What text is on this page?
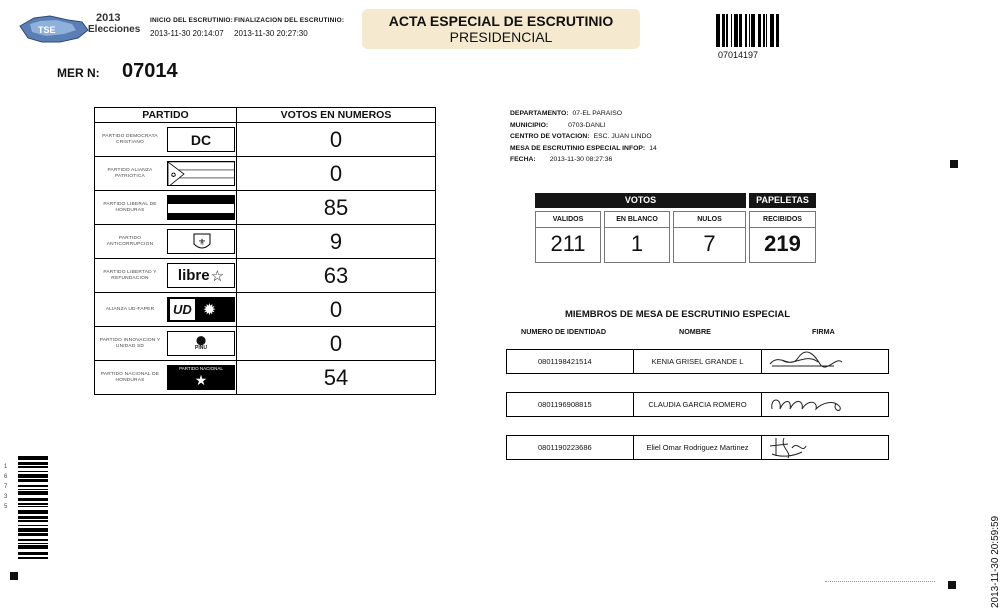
TSE
2013
Elecciones
INICIO DEL ESCRUTINIO:
2013-11-30 20:14:07
FINALIZACION DEL ESCRUTINIO:
2013-11-30 20:27:30
ACTA ESPECIAL DE ESCRUTINIO
PRESIDENCIAL
07014197
MER N: 07014
PARTIDO	VOTOS EN NUMEROS

PARTIDO DEMOCRATA CRISTIANO DC	0

PARTIDO ALIANZA PATRIOTICA ✪	0

PARTIDO LIBERAL DE HONDURAS	85

PARTIDO ANTICORRUPCION ⚜	9

PARTIDO LIBERTAD Y REFUNDACION libre ☆	63

ALIANZA UD-FAPER UD ✹	0

PARTIDO INNOVACION Y UNIDAD SD
⬤
PINU	0

PARTIDO NACIONAL DE HONDURAS
PARTIDO NACIONAL
★	54
DEPARTAMENTO: 07-EL PARAISO
MUNICIPIO:	0703-DANLI
CENTRO DE VOTACION: ESC. JUAN LINDO
MESA DE ESCRUTINIO ESPECIAL INFOP: 14
FECHA: 2013-11-30 08:27:36
VOTOS	PAPELETAS
VALIDOS
211
EN BLANCO
1
NULOS
7
RECIBIDOS
219
MIEMBROS DE MESA DE ESCRUTINIO ESPECIAL
NUMERO DE IDENTIDAD	NOMBRE	FIRMA
0801198421514	KENIA GRISEL GRANDE L
0801196908815	CLAUDIA GARCIA ROMERO
0801190223686	Eliel Omar Rodriguez Martinez
1 6 7 3 5
2013-11-30 20:59:59
